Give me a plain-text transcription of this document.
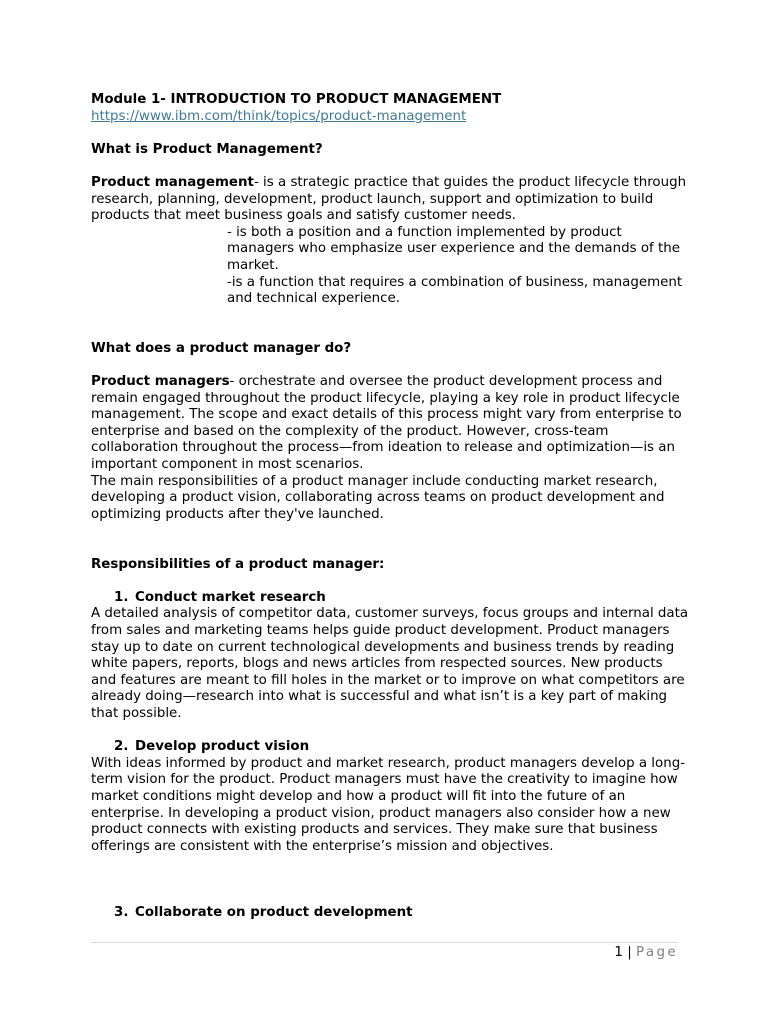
Module 1- INTRODUCTION TO PRODUCT MANAGEMENT

https://www.ibm.com/think/topics/product-management

What is Product Management?

Product management- is a strategic practice that guides the product lifecycle through research, planning, development, product launch, support and optimization to build products that meet business goals and satisfy customer needs.

- is both a position and a function implemented by product managers who emphasize user experience and the demands of the market.

-is a function that requires a combination of business, management and technical experience.

What does a product manager do?

Product managers- orchestrate and oversee the product development process and remain engaged throughout the product lifecycle, playing a key role in product lifecycle management. The scope and exact details of this process might vary from enterprise to enterprise and based on the complexity of the product. However, cross-team collaboration throughout the process—from ideation to release and optimization—is an important component in most scenarios.

The main responsibilities of a product manager include conducting market research, developing a product vision, collaborating across teams on product development and optimizing products after they've launched.

Responsibilities of a product manager:

1. Conduct market research

A detailed analysis of competitor data, customer surveys, focus groups and internal data from sales and marketing teams helps guide product development. Product managers stay up to date on current technological developments and business trends by reading white papers, reports, blogs and news articles from respected sources. New products and features are meant to fill holes in the market or to improve on what competitors are already doing—research into what is successful and what isn’t is a key part of making that possible.

2. Develop product vision

With ideas informed by product and market research, product managers develop a long-term vision for the product. Product managers must have the creativity to imagine how market conditions might develop and how a product will fit into the future of an enterprise. In developing a product vision, product managers also consider how a new product connects with existing products and services. They make sure that business offerings are consistent with the enterprise’s mission and objectives.

3. Collaborate on product development
1 | Page
